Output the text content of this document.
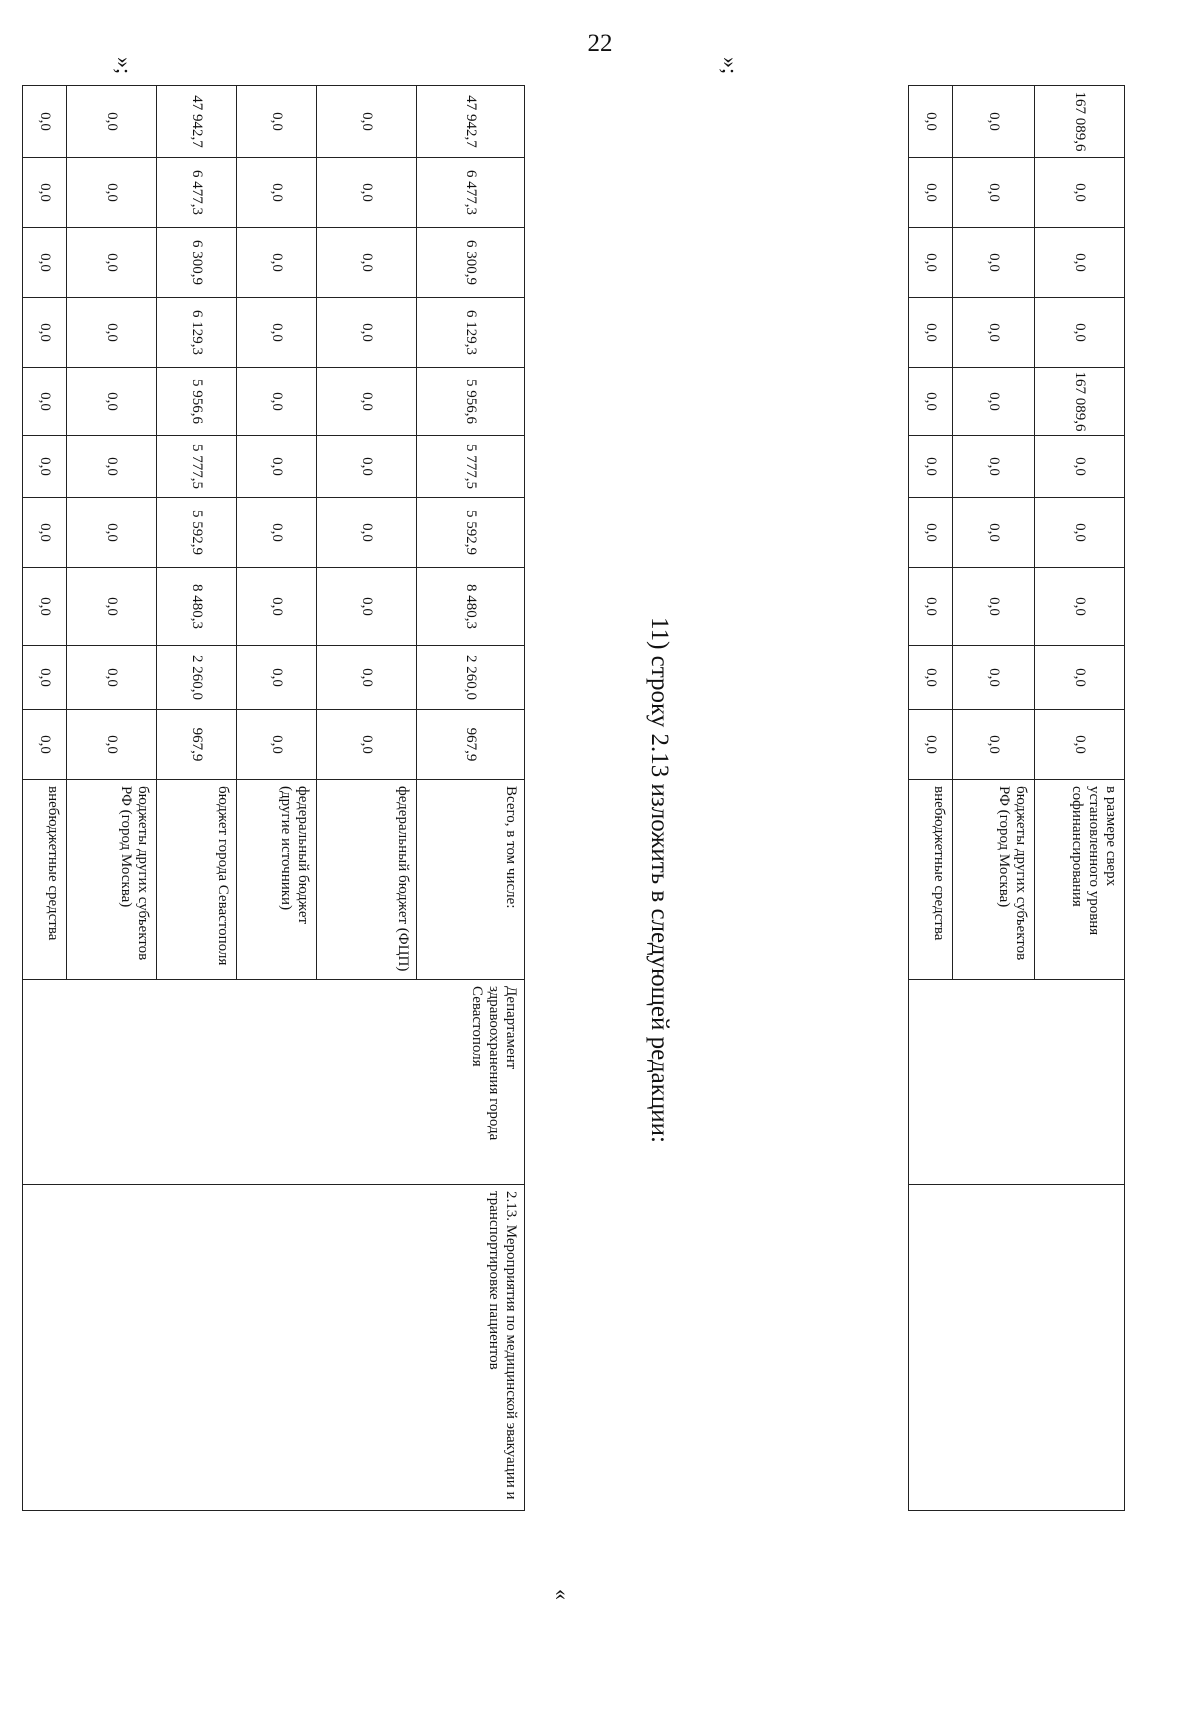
22
»;
»;
167 089,6	0,0	0,0	0,0	167 089,6	0,0	0,0	0,0	0,0	0,0	в размере сверх установленного уровня софинансирования		
0,0	0,0	0,0	0,0	0,0	0,0	0,0	0,0	0,0	0,0	бюджеты других субъектов РФ (город Москва)		
0,0	0,0	0,0	0,0	0,0	0,0	0,0	0,0	0,0	0,0	внебюджетные средства		
11) строку 2.13 изложить в следующей редакции:
«
47 942,7	6 477,3	6 300,9	6 129,3	5 956,6	5 777,5	5 592,9	8 480,3	2 260,0	967,9	Всего, в том числе:	Департамент здравоохранения города Севастополя	2.13. Мероприятия по медицинской эвакуации и транспортировке пациентов
0,0	0,0	0,0	0,0	0,0	0,0	0,0	0,0	0,0	0,0	федеральный бюджет (ФЦП)		
0,0	0,0	0,0	0,0	0,0	0,0	0,0	0,0	0,0	0,0	федеральный бюджет (другие источники)		
47 942,7	6 477,3	6 300,9	6 129,3	5 956,6	5 777,5	5 592,9	8 480,3	2 260,0	967,9	бюджет города Севастополя		
0,0	0,0	0,0	0,0	0,0	0,0	0,0	0,0	0,0	0,0	бюджеты других субъектов РФ (город Москва)		
0,0	0,0	0,0	0,0	0,0	0,0	0,0	0,0	0,0	0,0	внебюджетные средства		
